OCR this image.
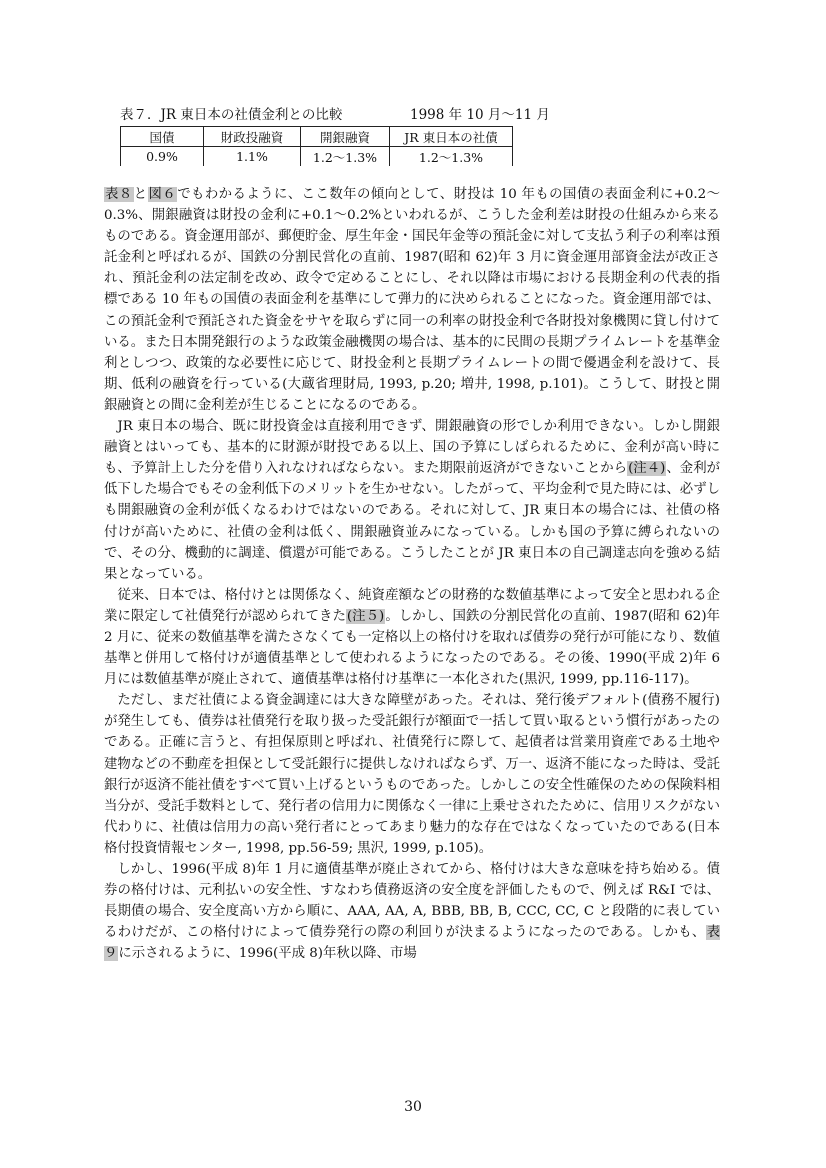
表７．JR 東日本の社債金利との比較	1998 年 10 月～11 月
国債	財政投融資	開銀融資	JR 東日本の社債
0.9%	1.1%	1.2～1.3%	1.2～1.3%

表８と図６でもわかるように、ここ数年の傾向として、財投は 10 年もの国債の表面金利に+0.2～0.3%、開銀融資は財投の金利に+0.1～0.2%といわれるが、こうした金利差は財投の仕組みから来るものである。資金運用部が、郵便貯金、厚生年金・国民年金等の預託金に対して支払う利子の利率は預託金利と呼ばれるが、国鉄の分割民営化の直前、1987(昭和 62)年 3 月に資金運用部資金法が改正され、預託金利の法定制を改め、政令で定めることにし、それ以降は市場における長期金利の代表的指標である 10 年もの国債の表面金利を基準にして弾力的に決められることになった。資金運用部では、この預託金利で預託された資金をサヤを取らずに同一の利率の財投金利で各財投対象機関に貸し付けている。また日本開発銀行のような政策金融機関の場合は、基本的に民間の長期プライムレートを基準金利としつつ、政策的な必要性に応じて、財投金利と長期プライムレートの間で優遇金利を設けて、長期、低利の融資を行っている(大蔵省理財局, 1993, p.20; 増井, 1998, p.101)。こうして、財投と開銀融資との間に金利差が生じることになるのである。

JR 東日本の場合、既に財投資金は直接利用できず、開銀融資の形でしか利用できない。しかし開銀融資とはいっても、基本的に財源が財投である以上、国の予算にしばられるために、金利が高い時にも、予算計上した分を借り入れなければならない。また期限前返済ができないことから(注４)、金利が低下した場合でもその金利低下のメリットを生かせない。したがって、平均金利で見た時には、必ずしも開銀融資の金利が低くなるわけではないのである。それに対して、JR 東日本の場合には、社債の格付けが高いために、社債の金利は低く、開銀融資並みになっている。しかも国の予算に縛られないので、その分、機動的に調達、償還が可能である。こうしたことが JR 東日本の自己調達志向を強める結果となっている。

従来、日本では、格付けとは関係なく、純資産額などの財務的な数値基準によって安全と思われる企業に限定して社債発行が認められてきた(注５)。しかし、国鉄の分割民営化の直前、1987(昭和 62)年 2 月に、従来の数値基準を満たさなくても一定格以上の格付けを取れば債券の発行が可能になり、数値基準と併用して格付けが適債基準として使われるようになったのである。その後、1990(平成 2)年 6 月には数値基準が廃止されて、適債基準は格付け基準に一本化された(黒沢, 1999, pp.116-117)。

ただし、まだ社債による資金調達には大きな障壁があった。それは、発行後デフォルト(債務不履行)が発生しても、債券は社債発行を取り扱った受託銀行が額面で一括して買い取るという慣行があったのである。正確に言うと、有担保原則と呼ばれ、社債発行に際して、起債者は営業用資産である土地や建物などの不動産を担保として受託銀行に提供しなければならず、万一、返済不能になった時は、受託銀行が返済不能社債をすべて買い上げるというものであった。しかしこの安全性確保のための保険料相当分が、受託手数料として、発行者の信用力に関係なく一律に上乗せされたために、信用リスクがない代わりに、社債は信用力の高い発行者にとってあまり魅力的な存在ではなくなっていたのである(日本格付投資情報センター, 1998, pp.56-59; 黒沢, 1999, p.105)。

しかし、1996(平成 8)年 1 月に適債基準が廃止されてから、格付けは大きな意味を持ち始める。債券の格付けは、元利払いの安全性、すなわち債務返済の安全度を評価したもので、例えば R&I では、長期債の場合、安全度高い方から順に、AAA, AA, A, BBB, BB, B, CCC, CC, C と段階的に表しているわけだが、この格付けによって債券発行の際の利回りが決まるようになったのである。しかも、表９に示されるように、1996(平成 8)年秋以降、市場

30
